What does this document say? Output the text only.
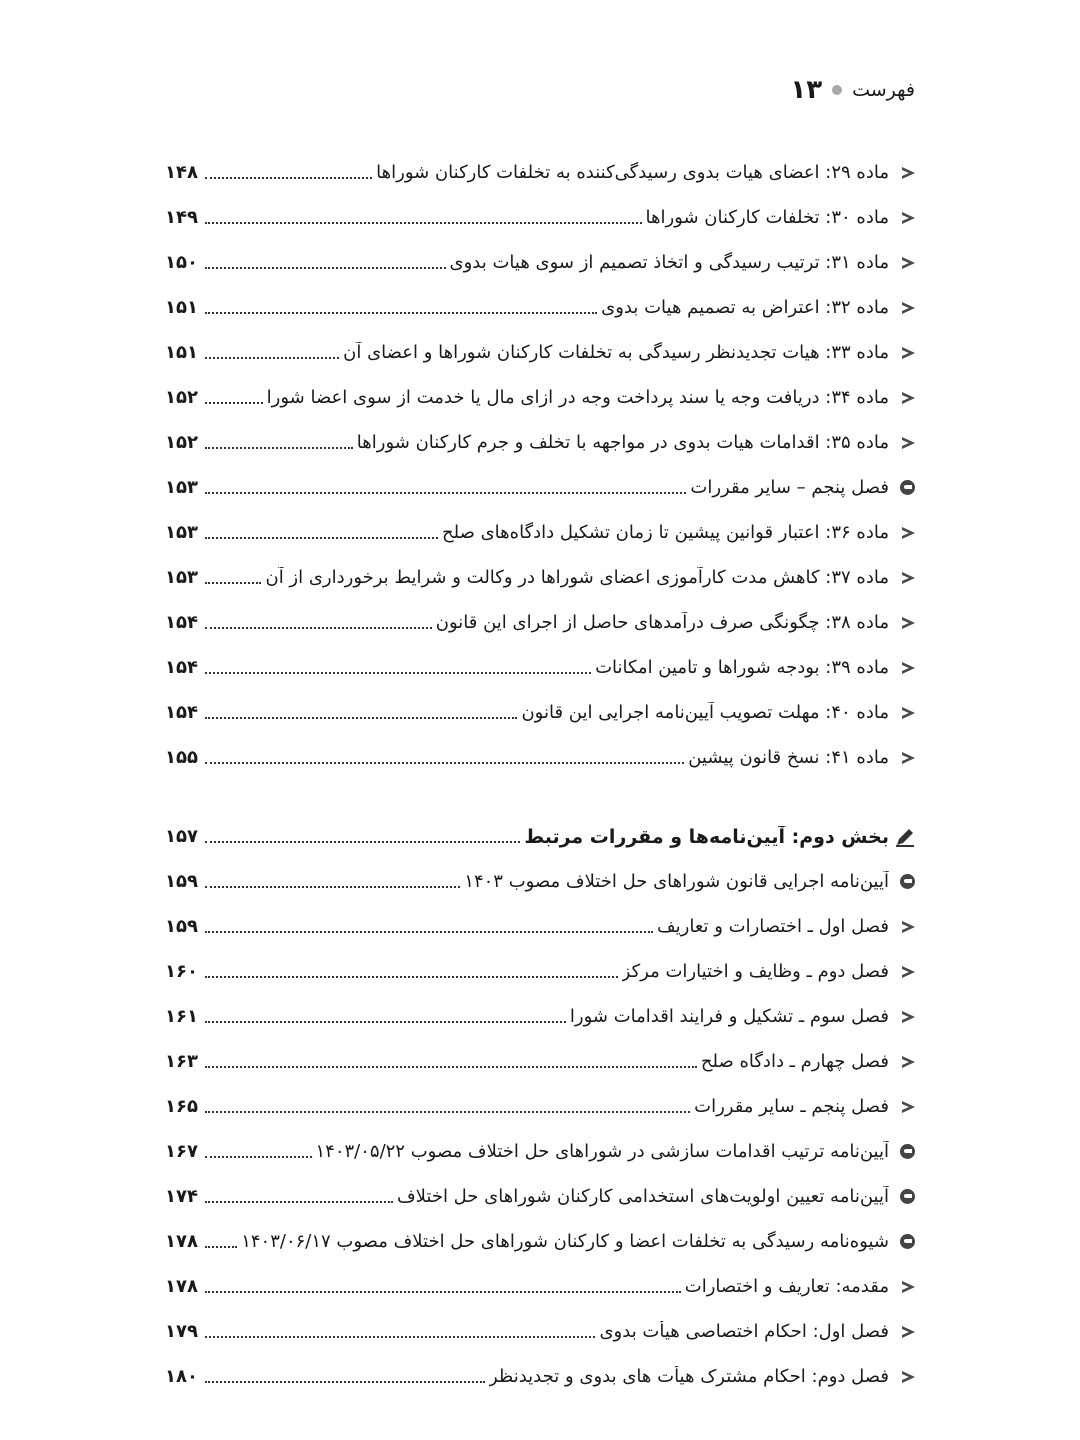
فهرست
۱۳
ماده ۲۹: اعضای هیات بدوی رسیدگی‌کننده به تخلفات کارکنان شوراها
۱۴۸
ماده ۳۰: تخلفات کارکنان شوراها
۱۴۹
ماده ۳۱: ترتیب رسیدگی و اتخاذ تصمیم از سوی هیات بدوی
۱۵۰
ماده ۳۲: اعتراض به تصمیم هیات بدوی
۱۵۱
ماده ۳۳: هیات تجدیدنظر رسیدگی به تخلفات کارکنان شوراها و اعضای آن
۱۵۱
ماده ۳۴: دریافت وجه یا سند پرداخت وجه در ازای مال یا خدمت از سوی اعضا شورا
۱۵۲
ماده ۳۵: اقدامات هیات بدوی در مواجهه با تخلف و جرم کارکنان شوراها
۱۵۲
فصل پنجم – سایر مقررات
۱۵۳
ماده ۳۶: اعتبار قوانین پیشین تا زمان تشکیل دادگاه‌های صلح
۱۵۳
ماده ۳۷: کاهش مدت کارآموزی اعضای شوراها در وکالت و شرایط برخورداری از آن
۱۵۳
ماده ۳۸: چگونگی صرف درآمدهای حاصل از اجرای این قانون
۱۵۴
ماده ۳۹: بودجه شوراها و تامین امکانات
۱۵۴
ماده ۴۰: مهلت تصویب آیین‌نامه اجرایی این قانون
۱۵۴
ماده ۴۱: نسخ قانون پیشین
۱۵۵
بخش دوم: آیین‌نامه‌ها و مقررات مرتبط
۱۵۷
آیین‌نامه اجرایی قانون شوراهای حل اختلاف مصوب ۱۴۰۳
۱۵۹
فصل اول ـ اختصارات و تعاریف
۱۵۹
فصل دوم ـ وظایف و اختیارات مرکز
۱۶۰
فصل سوم ـ تشکیل و فرایند اقدامات شورا
۱۶۱
فصل چهارم ـ دادگاه صلح
۱۶۳
فصل پنجم ـ سایر مقررات
۱۶۵
آیین‌نامه ترتیب اقدامات سازشی در شوراهای حل اختلاف مصوب ۱۴۰۳/۰۵/۲۲
۱۶۷
آیین‌نامه تعیین اولویت‌های استخدامی کارکنان شوراهای حل اختلاف
۱۷۴
شیوه‌نامه رسیدگی به تخلفات اعضا و کارکنان شوراهای حل اختلاف مصوب ۱۴۰۳/۰۶/۱۷
۱۷۸
مقدمه: تعاریف و اختصارات
۱۷۸
فصل اول: احکام اختصاصی هیأت بدوی
۱۷۹
فصل دوم: احکام مشترک هیأت های بدوی و تجدیدنظر
۱۸۰
